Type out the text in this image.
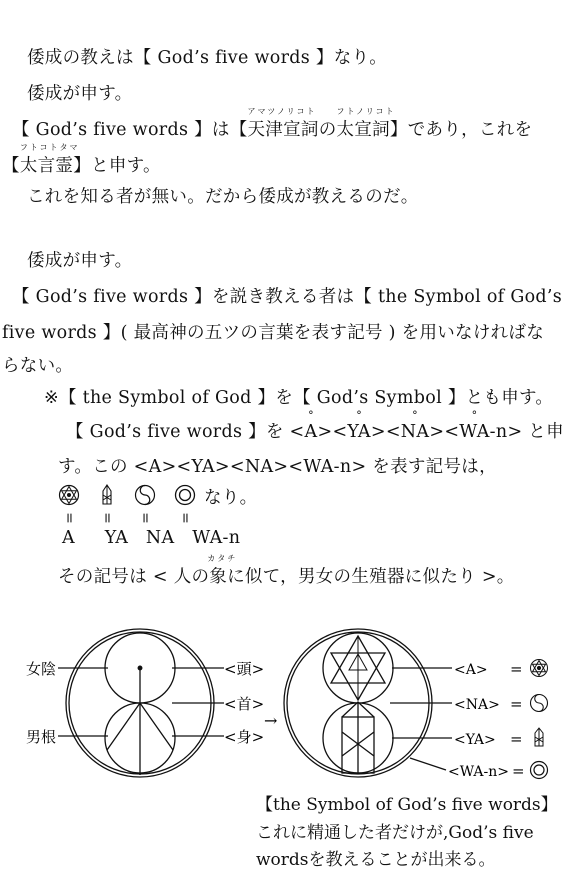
倭成の教えは【 God’s five words 】なり。
倭成が申す。
【 God’s five words 】は【
アマツノリコト
天津宣詞の
フトノリコト
太宣詞】であり，これを
【
フトコトタマ
太言霊】と申す。
これを知る者が無い。だから倭成が教えるのだ。
倭成が申す。
【 God’s five words 】を説き教える者は【 the Symbol of God’s
five words 】( 最高神の五ツの言葉を表す記号 ) を用いなければな
らない。
※【 the Symbol of God 】を【 God’s Symbol 】とも申す。
【 God’s five words 】を <° A><° YA><° NA><° WA-n> と申
す。この <A><YA><NA><WA-n> を表す記号は，
なり。
= = = =
A YA NA WA-n
その記号は < 人の
カタチ
象に似て，男女の生殖器に似たり >。
女陰
男根
<頭>
<首>
<身>
→
<A>
<NA>
<YA>
<WA-n>
=
=
=
=
【the Symbol of God’s five words】
これに精通した者だけが,God’s five
wordsを教えることが出来る。
